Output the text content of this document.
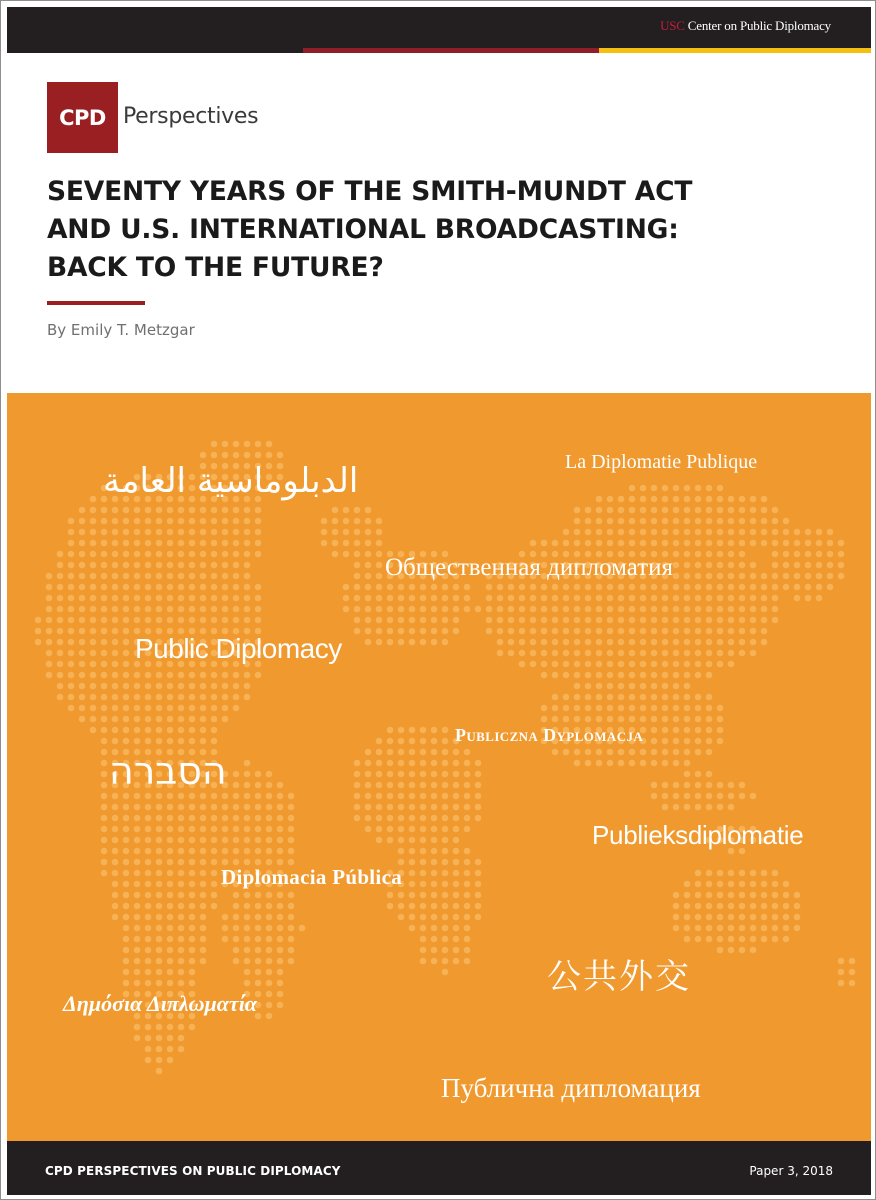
USC Center on Public Diplomacy
CPD Perspectives
SEVENTY YEARS OF THE SMITH-MUNDT ACT
AND U.S. INTERNATIONAL BROADCASTING:
BACK TO THE FUTURE?
By Emily T. Metzgar
La Diplomatie Publique
الدبلوماسية العامة
Общественная дипломатия
Public Diplomacy
Publiczna Dyplomacja
הסברה
Publieksdiplomatie
Diplomacia Pública
公共外交
Δημόσια Διπλωματία
Публична дипломация
CPD PERSPECTIVES ON PUBLIC DIPLOMACY	Paper 3, 2018
